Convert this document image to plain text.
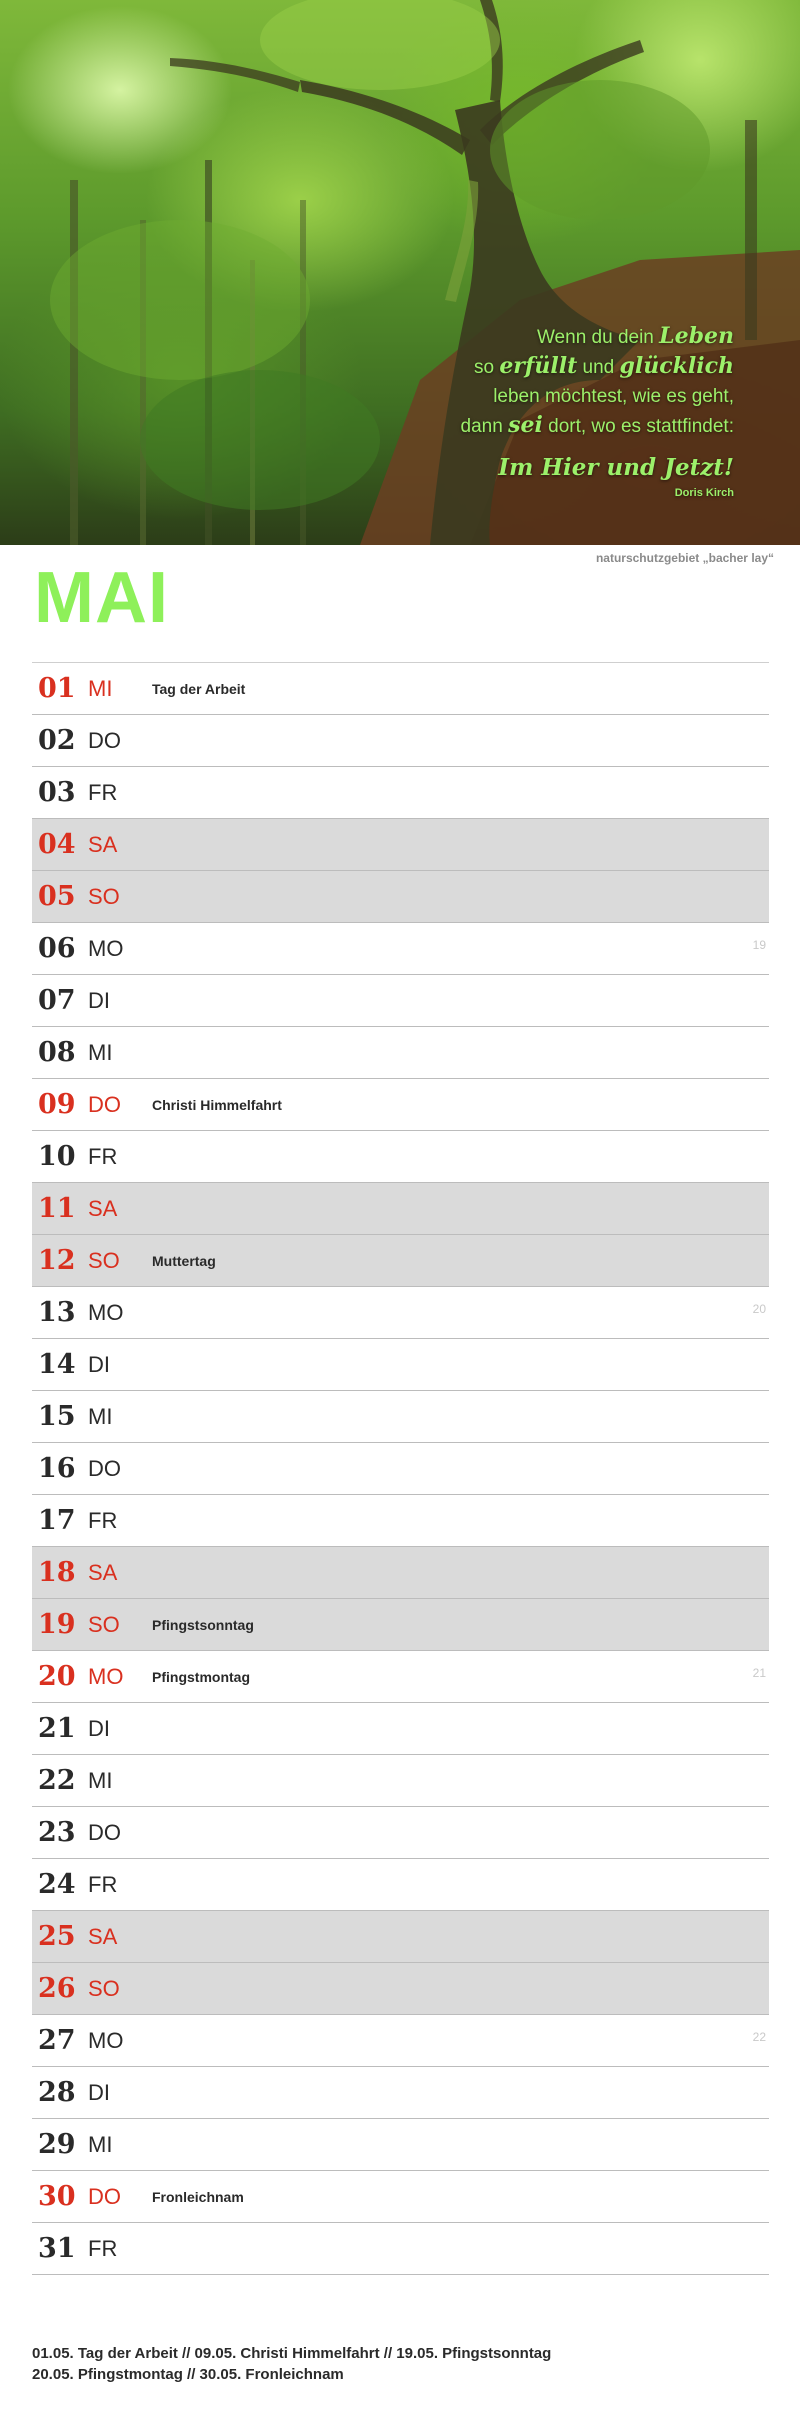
Wenn du dein Leben
so erfüllt und glücklich
leben möchtest, wie es geht,
dann sei dort, wo es stattfindet:
Im Hier und Jetzt!
Doris Kirch
naturschutzgebiet „bacher lay“
MAI
01 MI	Tag der Arbeit
02 DO
03 FR
04 SA
05 SO
06 MO	19
07 DI
08 MI
09 DO	Christi Himmelfahrt
10 FR
11 SA
12 SO	Muttertag
13 MO	20
14 DI
15 MI
16 DO
17 FR
18 SA
19 SO	Pfingstsonntag
20 MO	Pfingstmontag	21
21 DI
22 MI
23 DO
24 FR
25 SA
26 SO
27 MO	22
28 DI
29 MI
30 DO	Fronleichnam
31 FR
01.05. Tag der Arbeit // 09.05. Christi Himmelfahrt // 19.05. Pfingstsonntag
20.05. Pfingstmontag // 30.05. Fronleichnam
